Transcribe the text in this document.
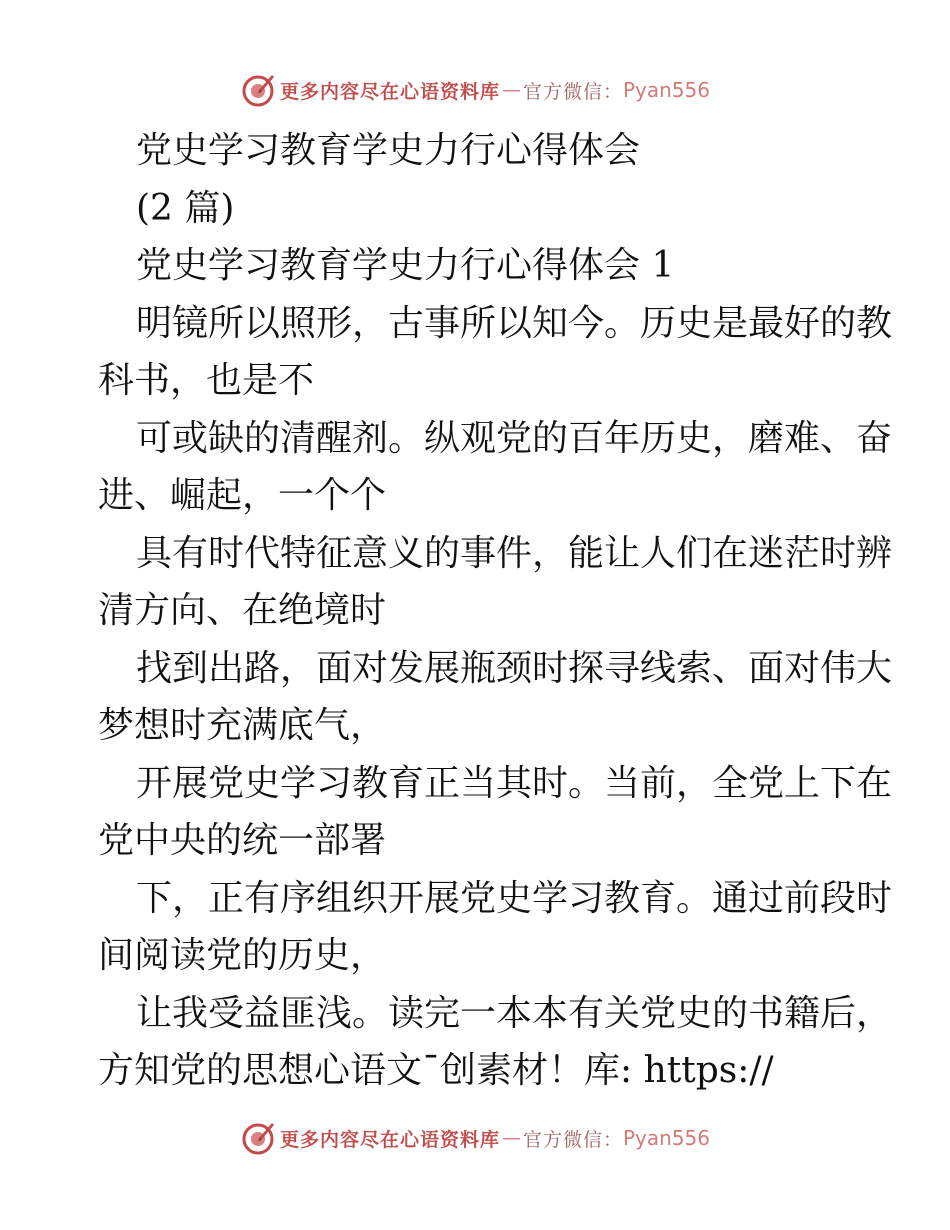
更多内容尽在心语资料库 — 官方微信： Pyan556
党史学习教育学史力行心得体会
(2 篇)
党史学习教育学史力行心得体会 1
明镜所以照形，古事所以知今。历史是最好的教
科书，也是不
可或缺的清醒剂。纵观党的百年历史，磨难、奋
进、崛起，一个个
具有时代特征意义的事件，能让人们在迷茫时辨
清方向、在绝境时
找到出路，面对发展瓶颈时探寻线索、面对伟大
梦想时充满底气，
开展党史学习教育正当其时。当前，全党上下在
党中央的统一部署
下，正有序组织开展党史学习教育。通过前段时
间阅读党的历史，
让我受益匪浅。读完一本本有关党史的书籍后，
方知党的思想心语文¯创素材！库: https://
更多内容尽在心语资料库 — 官方微信： Pyan556
